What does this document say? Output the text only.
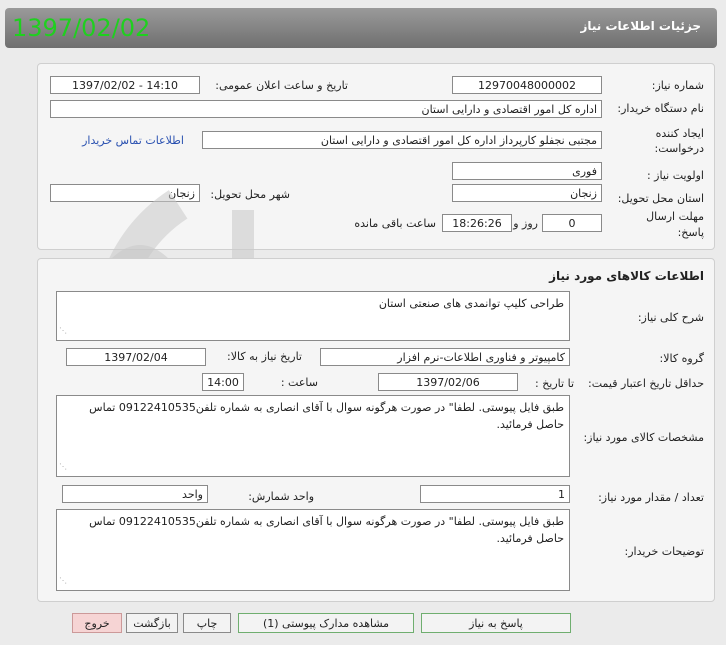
جزئیات اطلاعات نیاز
1397/02/02
شماره نیاز:
12970048000002
تاریخ و ساعت اعلان عمومی:
1397/02/02 - 14:10
نام دستگاه خریدار:
اداره کل امور اقتصادی و دارایی استان
ایجاد کننده
درخواست:
مجتبی نجفلو کارپرداز اداره کل امور اقتصادی و دارایی استان
اطلاعات تماس خریدار
اولویت نیاز :
فوری
استان محل تحویل:
زنجان
شهر محل تحویل:
زنجان
مهلت ارسال
پاسخ:
0
روز و
18:26:26
ساعت باقی مانده
اطلاعات کالاهای مورد نیاز
شرح کلی نیاز:
طراحی کلیپ توانمدی های صنعتی استان
⋰
گروه کالا:
کامپیوتر و فناوری اطلاعات-نرم افزار
تاریخ نیاز به کالا:
1397/02/04
حداقل تاریخ اعتبار قیمت:
تا تاریخ :
1397/02/06
ساعت :
14:00
مشخصات کالای مورد نیاز:
طبق فایل پیوستی. لطفا" در صورت هرگونه سوال با آقای انصاری به شماره تلفن09122410535 تماس حاصل فرمائید.
⋰
تعداد / مقدار مورد نیاز:
1
واحد شمارش:
واحد
توضیحات خریدار:
طبق فایل پیوستی. لطفا" در صورت هرگونه سوال با آقای انصاری به شماره تلفن09122410535 تماس حاصل فرمائید.
⋰
پاسخ به نیاز
مشاهده مدارک پیوستی (1)
چاپ
بازگشت
خروج
